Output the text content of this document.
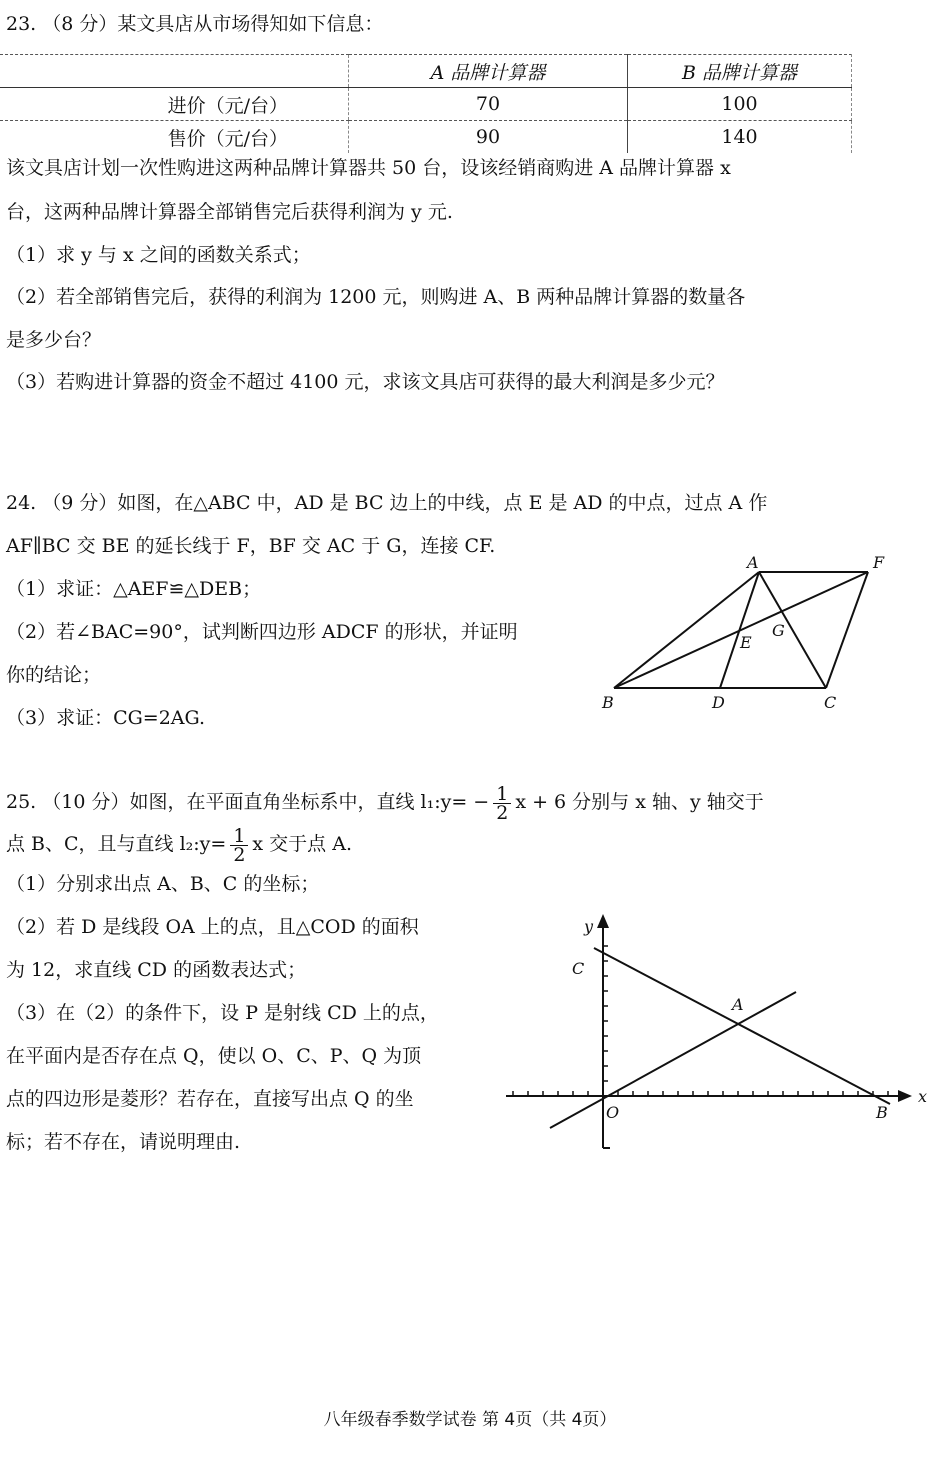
23. （8 分）某文具店从市场得知如下信息：
	A 品牌计算器	B 品牌计算器
进价（元/台）	70	100
售价（元/台）	90	140
该文具店计划一次性购进这两种品牌计算器共 50 台，设该经销商购进 A 品牌计算器 x
台，这两种品牌计算器全部销售完后获得利润为 y 元.
（1）求 y 与 x 之间的函数关系式；
（2）若全部销售完后，获得的利润为 1200 元，则购进 A、B 两种品牌计算器的数量各
是多少台？
（3）若购进计算器的资金不超过 4100 元，求该文具店可获得的最大利润是多少元？
24. （9 分）如图，在△ABC 中，AD 是 BC 边上的中线，点 E 是 AD 的中点，过点 A 作
AF∥BC 交 BE 的延长线于 F，BF 交 AC 于 G，连接 CF.
（1）求证：△AEF≌△DEB；
（2）若∠BAC=90°，试判断四边形 ADCF 的形状，并证明
你的结论；
（3）求证：CG=2AG.
A	F
E
G
B	D	C
25. （10 分）如图，在平面直角坐标系中，直线 l₁:y= − $\frac{1}{2}$ x + 6 分别与 x 轴、y 轴交于
点 B、C，且与直线 l₂:y= $\frac{1}{2}$ x 交于点 A.
（1）分别求出点 A、B、C 的坐标；
（2）若 D 是线段 OA 上的点，且△COD 的面积
为 12，求直线 CD 的函数表达式；
（3）在（2）的条件下，设 P 是射线 CD 上的点，
在平面内是否存在点 Q，使以 O、C、P、Q 为顶
点的四边形是菱形？若存在，直接写出点 Q 的坐
标；若不存在，请说明理由.
y
x
C
A
O	B
八年级春季数学试卷 第 4页（共 4页）
